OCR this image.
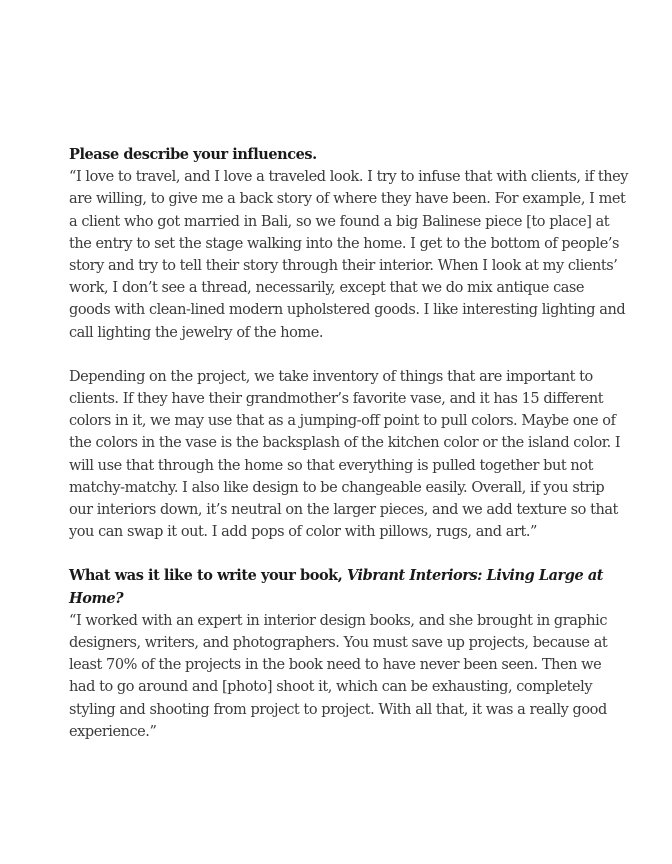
Please describe your influences.

“I love to travel, and I love a traveled look. I try to infuse that with clients, if they are willing, to give me a back story of where they have been. For example, I met a client who got married in Bali, so we found a big Balinese piece [to place] at the entry to set the stage walking into the home. I get to the bottom of people’s story and try to tell their story through their interior. When I look at my clients’ work, I don’t see a thread, necessarily, except that we do mix antique case goods with clean-lined modern upholstered goods. I like interesting lighting and call lighting the jewelry of the home.

Depending on the project, we take inventory of things that are important to clients. If they have their grandmother’s favorite vase, and it has 15 different colors in it, we may use that as a jumping-off point to pull colors. Maybe one of the colors in the vase is the backsplash of the kitchen color or the island color. I will use that through the home so that everything is pulled together but not matchy-matchy. I also like design to be changeable easily. Overall, if you strip our interiors down, it’s neutral on the larger pieces, and we add texture so that you can swap it out. I add pops of color with pillows, rugs, and art.”

What was it like to write your book, Vibrant Interiors: Living Large at Home?

“I worked with an expert in interior design books, and she brought in graphic designers, writers, and photographers. You must save up projects, because at least 70% of the projects in the book need to have never been seen. Then we had to go around and [photo] shoot it, which can be exhausting, completely styling and shooting from project to project. With all that, it was a really good experience.”
